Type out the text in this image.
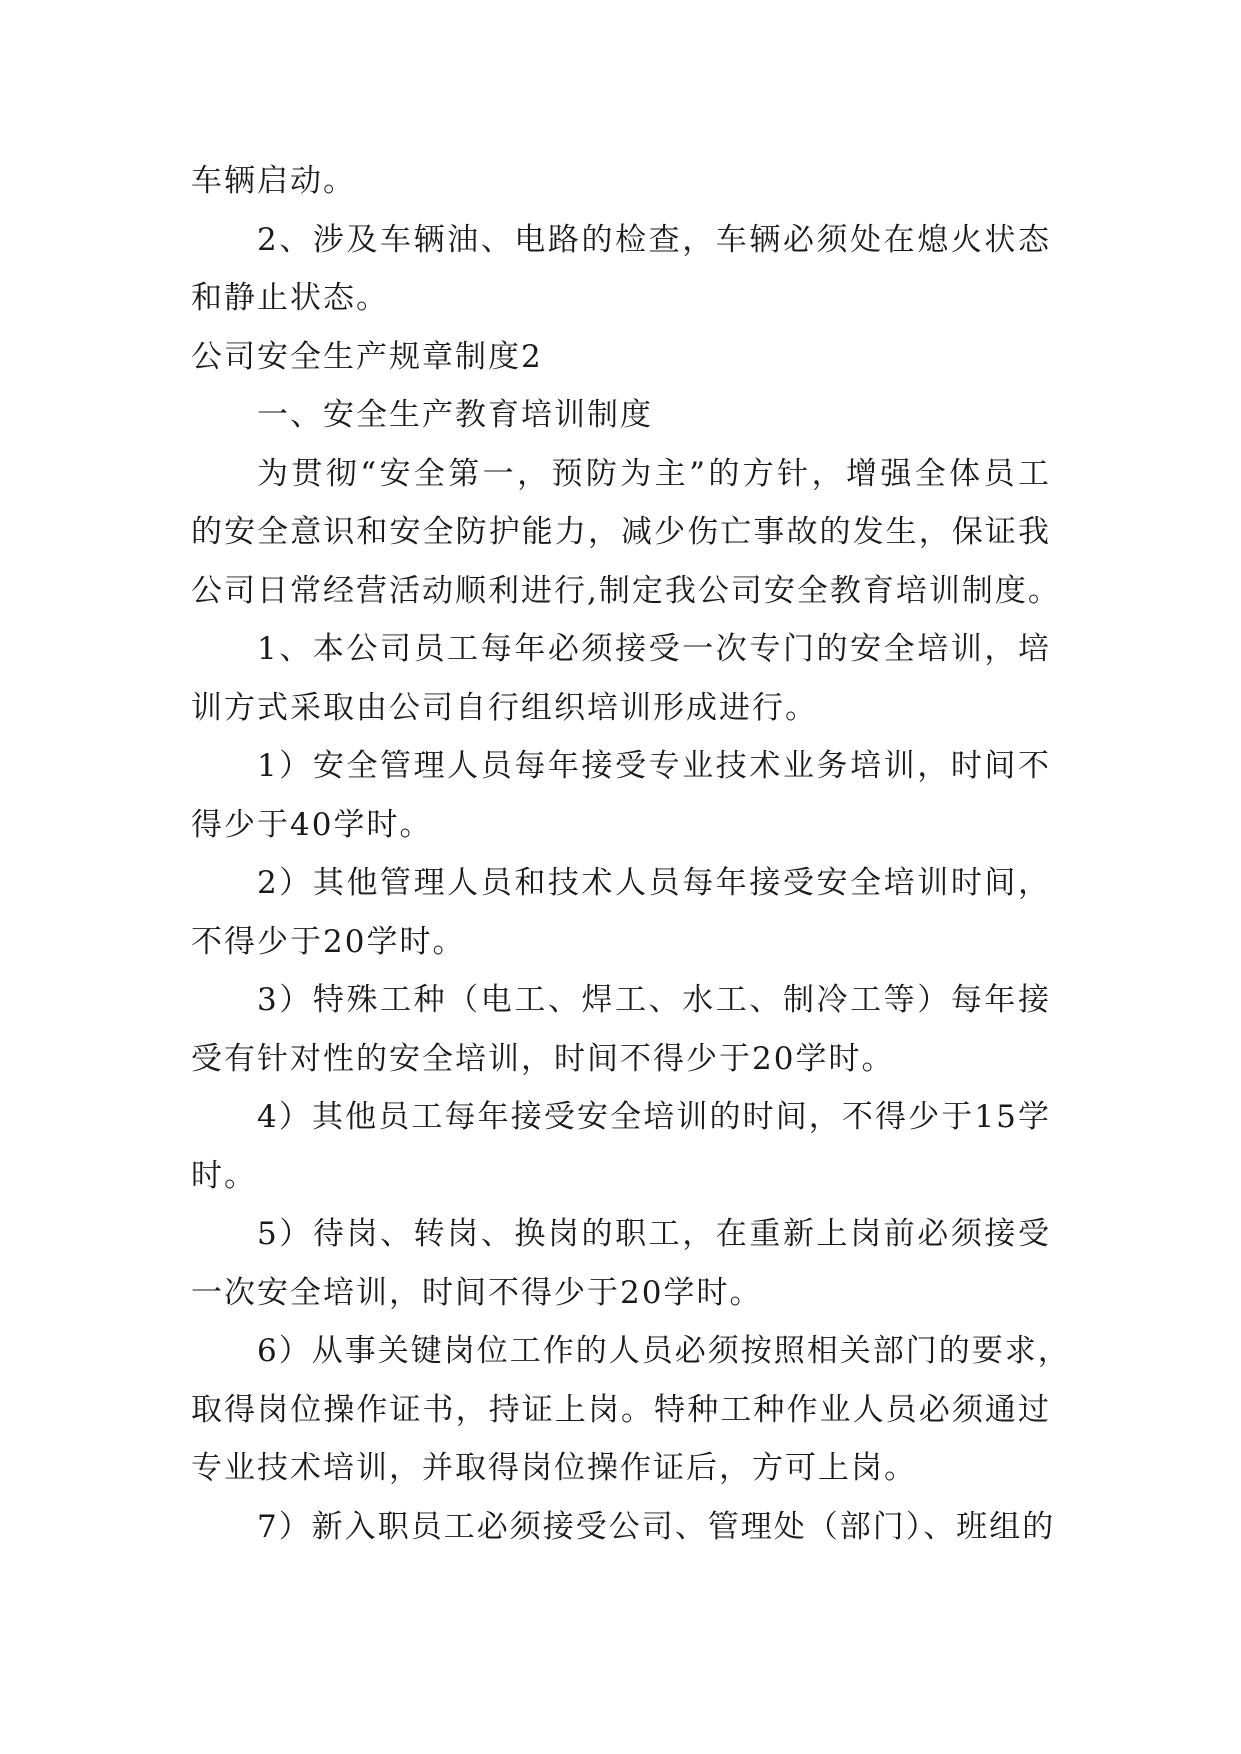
车辆启动。
2、涉及车辆油、电路的检查，车辆必须处在熄火状态
和静止状态。
公司安全生产规章制度2
一、安全生产教育培训制度
为贯彻“安全第一，预防为主”的方针，增强全体员工
的安全意识和安全防护能力，减少伤亡事故的发生，保证我
公司日常经营活动顺利进行,制定我公司安全教育培训制度。
1、本公司员工每年必须接受一次专门的安全培训，培
训方式采取由公司自行组织培训形成进行。
1）安全管理人员每年接受专业技术业务培训，时间不
得少于40学时。
2）其他管理人员和技术人员每年接受安全培训时间，
不得少于20学时。
3）特殊工种（电工、焊工、水工、制冷工等）每年接
受有针对性的安全培训，时间不得少于20学时。
4）其他员工每年接受安全培训的时间，不得少于15学
时。
5）待岗、转岗、换岗的职工，在重新上岗前必须接受
一次安全培训，时间不得少于20学时。
6）从事关键岗位工作的人员必须按照相关部门的要求，
取得岗位操作证书，持证上岗。特种工种作业人员必须通过
专业技术培训，并取得岗位操作证后，方可上岗。
7）新入职员工必须接受公司、管理处（部门）、班组的
